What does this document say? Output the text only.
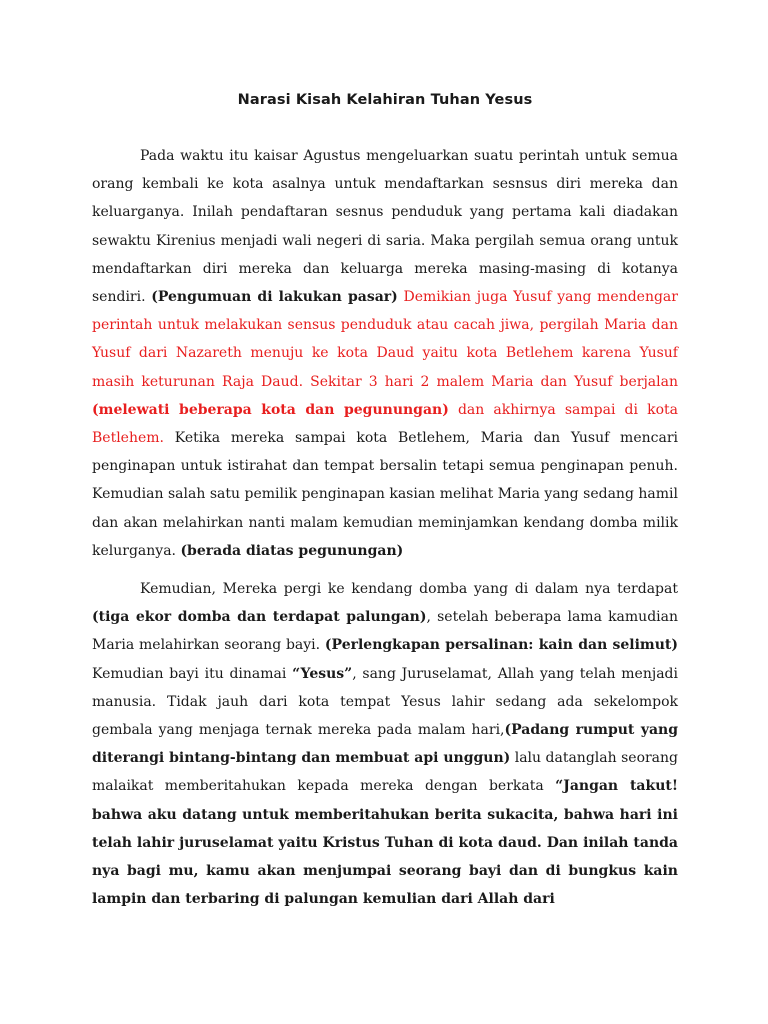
Narasi Kisah Kelahiran Tuhan Yesus

Pada waktu itu kaisar Agustus mengeluarkan suatu perintah untuk semua orang kembali ke kota asalnya untuk mendaftarkan sesnsus diri mereka dan keluarganya. Inilah pendaftaran sesnus penduduk yang pertama kali diadakan sewaktu Kirenius menjadi wali negeri di saria. Maka pergilah semua orang untuk mendaftarkan diri mereka dan keluarga mereka masing-masing di kotanya sendiri. (Pengumuan di lakukan pasar) Demikian juga Yusuf yang mendengar perintah untuk melakukan sensus penduduk atau cacah jiwa, pergilah Maria dan Yusuf dari Nazareth menuju ke kota Daud yaitu kota Betlehem karena Yusuf masih keturunan Raja Daud. Sekitar 3 hari 2 malem Maria dan Yusuf berjalan (melewati beberapa kota dan pegunungan) dan akhirnya sampai di kota Betlehem. Ketika mereka sampai kota Betlehem, Maria dan Yusuf mencari penginapan untuk istirahat dan tempat bersalin tetapi semua penginapan penuh. Kemudian salah satu pemilik penginapan kasian melihat Maria yang sedang hamil dan akan melahirkan nanti malam kemudian meminjamkan kendang domba milik kelurganya. (berada diatas pegunungan)

Kemudian, Mereka pergi ke kendang domba yang di dalam nya terdapat (tiga ekor domba dan terdapat palungan), setelah beberapa lama kamudian Maria melahirkan seorang bayi. (Perlengkapan persalinan: kain dan selimut) Kemudian bayi itu dinamai “Yesus”, sang Juruselamat, Allah yang telah menjadi manusia. Tidak jauh dari kota tempat Yesus lahir sedang ada sekelompok gembala yang menjaga ternak mereka pada malam hari,(Padang rumput yang diterangi bintang-bintang dan membuat api unggun) lalu datanglah seorang malaikat memberitahukan kepada mereka dengan berkata “Jangan takut! bahwa aku datang untuk memberitahukan berita sukacita, bahwa hari ini telah lahir juruselamat yaitu Kristus Tuhan di kota daud. Dan inilah tanda nya bagi mu, kamu akan menjumpai seorang bayi dan di bungkus kain lampin dan terbaring di palungan kemulian dari Allah dari
